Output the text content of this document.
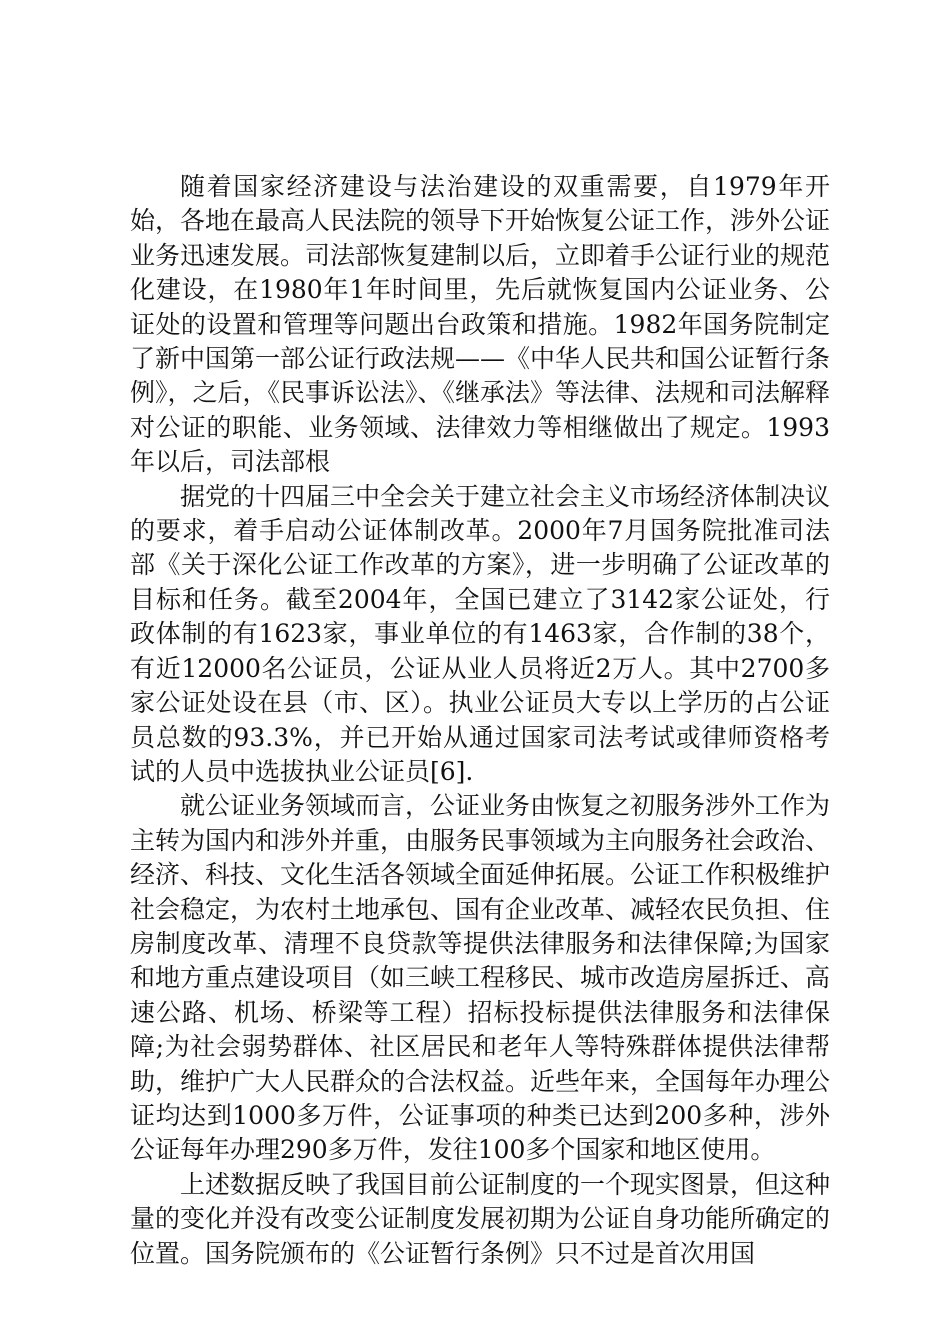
随着国家经济建设与法治建设的双重需要，自1979年开始，各地在最高人民法院的领导下开始恢复公证工作，涉外公证业务迅速发展。司法部恢复建制以后，立即着手公证行业的规范化建设，在1980年1年时间里，先后就恢复国内公证业务、公证处的设置和管理等问题出台政策和措施。1982年国务院制定了新中国第一部公证行政法规——《中华人民共和国公证暂行条例》，之后，《民事诉讼法》、《继承法》等法律、法规和司法解释对公证的职能、业务领域、法律效力等相继做出了规定。1993年以后，司法部根

据党的十四届三中全会关于建立社会主义市场经济体制决议的要求，着手启动公证体制改革。2000年7月国务院批准司法部《关于深化公证工作改革的方案》，进一步明确了公证改革的目标和任务。截至2004年，全国已建立了3142家公证处，行政体制的有1623家，事业单位的有1463家，合作制的38个，有近12000名公证员，公证从业人员将近2万人。其中2700多家公证处设在县（市、区）。执业公证员大专以上学历的占公证员总数的93.3%，并已开始从通过国家司法考试或律师资格考试的人员中选拔执业公证员[6].

就公证业务领域而言，公证业务由恢复之初服务涉外工作为主转为国内和涉外并重，由服务民事领域为主向服务社会政治、经济、科技、文化生活各领域全面延伸拓展。公证工作积极维护社会稳定，为农村土地承包、国有企业改革、减轻农民负担、住房制度改革、清理不良贷款等提供法律服务和法律保障;为国家和地方重点建设项目（如三峡工程移民、城市改造房屋拆迁、高速公路、机场、桥梁等工程）招标投标提供法律服务和法律保障;为社会弱势群体、社区居民和老年人等特殊群体提供法律帮助，维护广大人民群众的合法权益。近些年来，全国每年办理公证均达到1000多万件，公证事项的种类已达到200多种，涉外公证每年办理290多万件，发往100多个国家和地区使用。

上述数据反映了我国目前公证制度的一个现实图景，但这种量的变化并没有改变公证制度发展初期为公证自身功能所确定的位置。国务院颁布的《公证暂行条例》只不过是首次用国
